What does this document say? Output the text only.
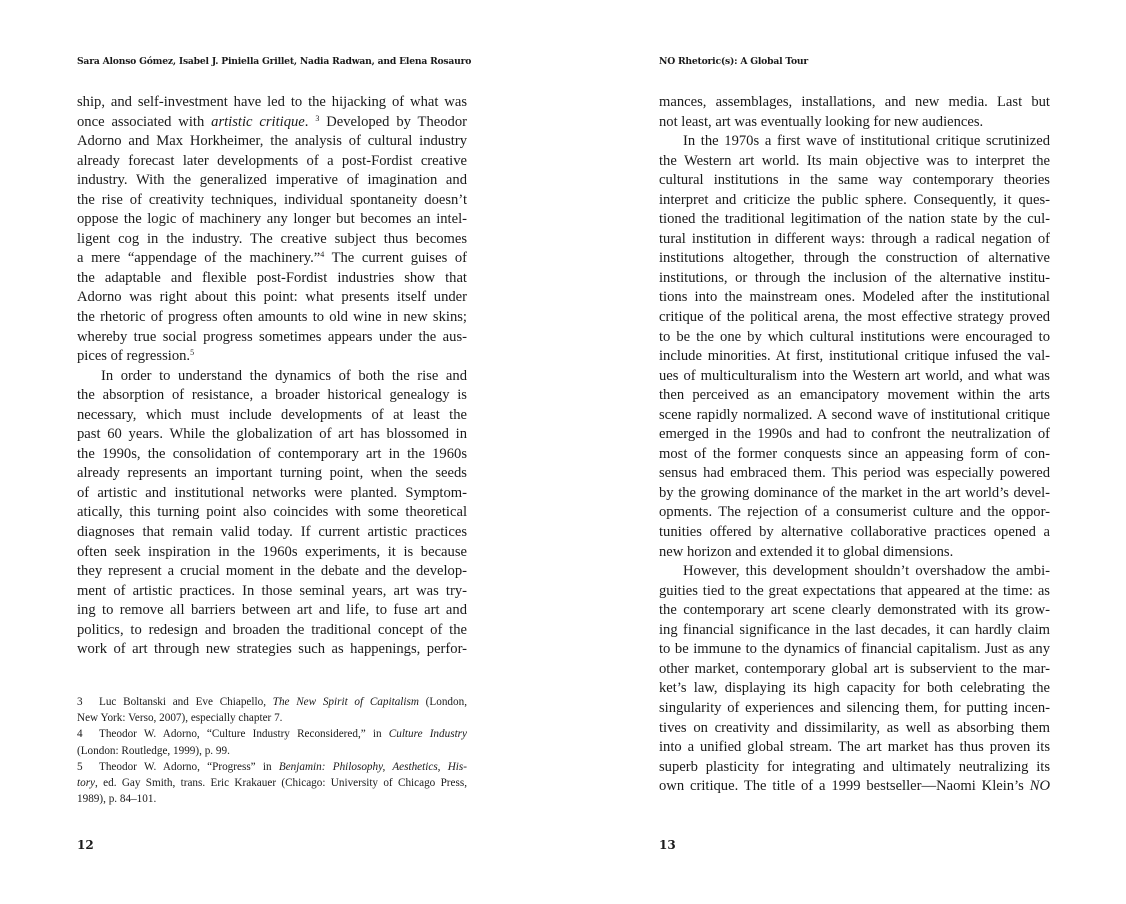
Sara Alonso Gómez, Isabel J. Piniella Grillet, Nadia Radwan, and Elena Rosauro

ship, and self-investment have led to the hijacking of what was
once associated with artistic critique. $^3$ Developed by Theodor
Adorno and Max Horkheimer, the analysis of cultural industry
already forecast later developments of a post-Fordist creative
industry. With the generalized imperative of imagination and
the rise of creativity techniques, individual spontaneity doesn’t
oppose the logic of machinery any longer but becomes an intel-
ligent cog in the industry. The creative subject thus becomes
a mere “appendage of the machinery.”$^4$ The current guises of
the adaptable and flexible post-Fordist industries show that
Adorno was right about this point: what presents itself under
the rhetoric of progress often amounts to old wine in new skins;
whereby true social progress sometimes appears under the aus-
pices of regression.$^5$

In order to understand the dynamics of both the rise and
the absorption of resistance, a broader historical genealogy is
necessary, which must include developments of at least the
past 60 years. While the globalization of art has blossomed in
the 1990s, the consolidation of contemporary art in the 1960s
already represents an important turning point, when the seeds
of artistic and institutional networks were planted. Symptom-
atically, this turning point also coincides with some theoretical
diagnoses that remain valid today. If current artistic practices
often seek inspiration in the 1960s experiments, it is because
they represent a crucial moment in the debate and the develop-
ment of artistic practices. In those seminal years, art was try-
ing to remove all barriers between art and life, to fuse art and
politics, to redesign and broaden the traditional concept of the
work of art through new strategies such as happenings, perfor-

3 Luc Boltanski and Eve Chiapello, The New Spirit of Capitalism (London,
New York: Verso, 2007), especially chapter 7.
4 Theodor W. Adorno, “Culture Industry Reconsidered,” in Culture Industry
(London: Routledge, 1999), p. 99.
5 Theodor W. Adorno, “Progress” in Benjamin: Philosophy, Aesthetics, His-
tory, ed. Gay Smith, trans. Eric Krakauer (Chicago: University of Chicago Press,
1989), p. 84–101.
12
NO Rhetoric(s): A Global Tour

mances, assemblages, installations, and new media. Last but
not least, art was eventually looking for new audiences.

In the 1970s a first wave of institutional critique scrutinized
the Western art world. Its main objective was to interpret the
cultural institutions in the same way contemporary theories
interpret and criticize the public sphere. Consequently, it ques-
tioned the traditional legitimation of the nation state by the cul-
tural institution in different ways: through a radical negation of
institutions altogether, through the construction of alternative
institutions, or through the inclusion of the alternative institu-
tions into the mainstream ones. Modeled after the institutional
critique of the political arena, the most effective strategy proved
to be the one by which cultural institutions were encouraged to
include minorities. At first, institutional critique infused the val-
ues of multiculturalism into the Western art world, and what was
then perceived as an emancipatory movement within the arts
scene rapidly normalized. A second wave of institutional critique
emerged in the 1990s and had to confront the neutralization of
most of the former conquests since an appeasing form of con-
sensus had embraced them. This period was especially powered
by the growing dominance of the market in the art world’s devel-
opments. The rejection of a consumerist culture and the oppor-
tunities offered by alternative collaborative practices opened a
new horizon and extended it to global dimensions.

However, this development shouldn’t overshadow the ambi-
guities tied to the great expectations that appeared at the time: as
the contemporary art scene clearly demonstrated with its grow-
ing financial significance in the last decades, it can hardly claim
to be immune to the dynamics of financial capitalism. Just as any
other market, contemporary global art is subservient to the mar-
ket’s law, displaying its high capacity for both celebrating the
singularity of experiences and silencing them, for putting incen-
tives on creativity and dissimilarity, as well as absorbing them
into a unified global stream. The art market has thus proven its
superb plasticity for integrating and ultimately neutralizing its
own critique. The title of a 1999 bestseller—Naomi Klein’s NO

13
